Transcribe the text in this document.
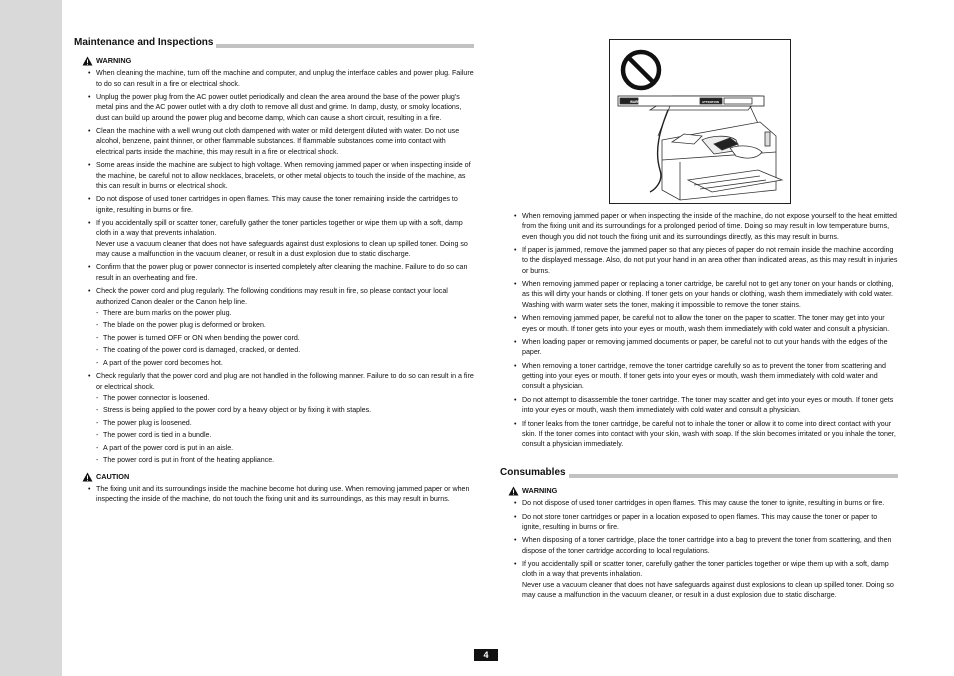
Maintenance and Inspections
WARNING
• When cleaning the machine, turn off the machine and computer, and unplug the interface cables and power plug. Failure to do so can result in a fire or electrical shock.
• Unplug the power plug from the AC power outlet periodically and clean the area around the base of the power plug's metal pins and the AC power outlet with a dry cloth to remove all dust and grime. In damp, dusty, or smoky locations, dust can build up around the power plug and become damp, which can cause a short circuit, resulting in a fire.
• Clean the machine with a well wrung out cloth dampened with water or mild detergent diluted with water. Do not use alcohol, benzene, paint thinner, or other flammable substances. If flammable substances come into contact with electrical parts inside the machine, this may result in a fire or electrical shock.
• Some areas inside the machine are subject to high voltage. When removing jammed paper or when inspecting inside of the machine, be careful not to allow necklaces, bracelets, or other metal objects to touch the inside of the machine, as this can result in burns or electrical shock.
• Do not dispose of used toner cartridges in open flames. This may cause the toner remaining inside the cartridges to ignite, resulting in burns or fire.
• If you accidentally spill or scatter toner, carefully gather the toner particles together or wipe them up with a soft, damp cloth in a way that prevents inhalation.
Never use a vacuum cleaner that does not have safeguards against dust explosions to clean up spilled toner. Doing so may cause a malfunction in the vacuum cleaner, or result in a dust explosion due to static discharge.
• Confirm that the power plug or power connector is inserted completely after cleaning the machine. Failure to do so can result in an overheating and fire.
• Check the power cord and plug regularly. The following conditions may result in fire, so please contact your local authorized Canon dealer or the Canon help line.
- There are burn marks on the power plug.
- The blade on the power plug is deformed or broken.
- The power is turned OFF or ON when bending the power cord.
- The coating of the power cord is damaged, cracked, or dented.
- A part of the power cord becomes hot.
• Check regularly that the power cord and plug are not handled in the following manner. Failure to do so can result in a fire or electrical shock.
- The power connector is loosened.
- Stress is being applied to the power cord by a heavy object or by fixing it with staples.
- The power plug is loosened.
- The power cord is tied in a bundle.
- A part of the power cord is put in an aisle.
- The power cord is put in front of the heating appliance.
CAUTION
• The fixing unit and its surroundings inside the machine become hot during use. When removing jammed paper or when inspecting the inside of the machine, do not touch the fixing unit and its surroundings, as this may result in burns.
WARNING	ATTENTION
• When removing jammed paper or when inspecting the inside of the machine, do not expose yourself to the heat emitted from the fixing unit and its surroundings for a prolonged period of time. Doing so may result in low temperature burns, even though you did not touch the fixing unit and its surroundings directly, as this may result in burns.
• If paper is jammed, remove the jammed paper so that any pieces of paper do not remain inside the machine according to the displayed message. Also, do not put your hand in an area other than indicated areas, as this may result in injuries or burns.
• When removing jammed paper or replacing a toner cartridge, be careful not to get any toner on your hands or clothing, as this will dirty your hands or clothing. If toner gets on your hands or clothing, wash them immediately with cold water. Washing with warm water sets the toner, making it impossible to remove the toner stains.
• When removing jammed paper, be careful not to allow the toner on the paper to scatter. The toner may get into your eyes or mouth. If toner gets into your eyes or mouth, wash them immediately with cold water and consult a physician.
• When loading paper or removing jammed documents or paper, be careful not to cut your hands with the edges of the paper.
• When removing a toner cartridge, remove the toner cartridge carefully so as to prevent the toner from scattering and getting into your eyes or mouth. If toner gets into your eyes or mouth, wash them immediately with cold water and consult a physician.
• Do not attempt to disassemble the toner cartridge. The toner may scatter and get into your eyes or mouth. If toner gets into your eyes or mouth, wash them immediately with cold water and consult a physician.
• If toner leaks from the toner cartridge, be careful not to inhale the toner or allow it to come into direct contact with your skin. If the toner comes into contact with your skin, wash with soap. If the skin becomes irritated or you inhale the toner, consult a physician immediately.
Consumables
WARNING
• Do not dispose of used toner cartridges in open flames. This may cause the toner to ignite, resulting in burns or fire.
• Do not store toner cartridges or paper in a location exposed to open flames. This may cause the toner or paper to ignite, resulting in burns or fire.
• When disposing of a toner cartridge, place the toner cartridge into a bag to prevent the toner from scattering, and then dispose of the toner cartridge according to local regulations.
• If you accidentally spill or scatter toner, carefully gather the toner particles together or wipe them up with a soft, damp cloth in a way that prevents inhalation.
Never use a vacuum cleaner that does not have safeguards against dust explosions to clean up spilled toner. Doing so may cause a malfunction in the vacuum cleaner, or result in a dust explosion due to static discharge.
4
